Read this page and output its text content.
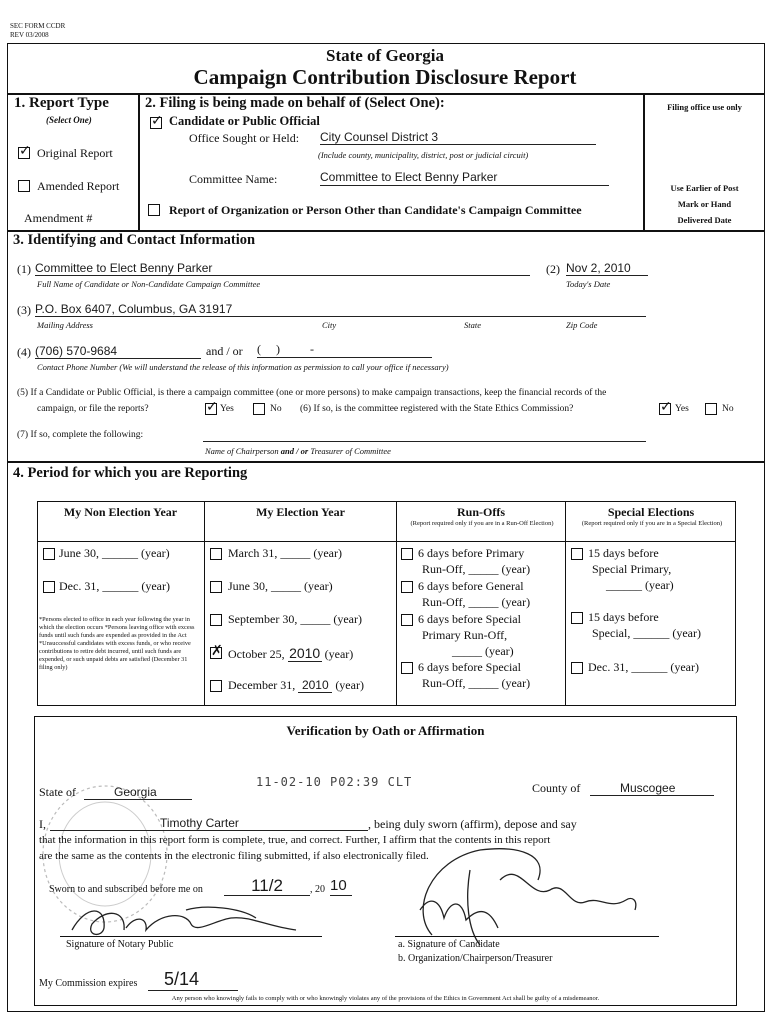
SEC FORM CCDR
REV 03/2008
State of Georgia
Campaign Contribution Disclosure Report
1. Report Type
(Select One)
✓
Original Report
Amended Report
Amendment #
2. Filing is being made on behalf of (Select One):
✓
Candidate or Public Official
Office Sought or Held: City Counsel District 3
(Include county, municipality, district, post or judicial circuit)
Committee Name:	Committee to Elect Benny Parker
Report of Organization or Person Other than Candidate's Campaign Committee
Filing office use only
Use Earlier of Post
Mark or Hand
Delivered Date
3. Identifying and Contact Information
(1) Committee to Elect Benny Parker
Full Name of Candidate or Non-Candidate Campaign Committee
(2) Nov 2, 2010
Today's Date
(3) P.O. Box 6407, Columbus, GA 31917
Mailing Address	City	State	Zip Code
(4) (706) 570-9684	and / or (     )          -
Contact Phone Number (We will understand the release of this information as permission to call your office if necessary)
(5) If a Candidate or Public Official, is there a campaign committee (one or more persons) to make campaign transactions, keep the financial records of the
campaign, or file the reports? ✓	Yes	No (6) If so, is the committee registered with the State Ethics Commission? ✓	Yes	No
(7) If so, complete the following:
Name of Chairperson and / or Treasurer of Committee
4. Period for which you are Reporting
My Non Election Year	My Election Year	Run-Offs
(Report required only if you are in a Run-Off Election)
Special Elections
(Report required only if you are in a Special Election)
June 30, ______ (year)
Dec. 31, ______ (year)
*Persons elected to office in each year following the year in which the election occurs *Persons leaving office with excess funds until such funds are expended as provided in the Act *Unsuccessful candidates with excess funds, or who receive contributions to retire debt incurred, until such funds are expended, or such unpaid debts are satisfied (December 31 filing only)
March 31, _____ (year)
June 30, _____ (year)
September 30, _____ (year)
✗
October 25, 2010 (year)
December 31, 2010 (year)
6 days before Primary
Run-Off, _____ (year)
6 days before General
Run-Off, _____ (year)
6 days before Special
Primary Run-Off,
_____ (year)
6 days before Special
Run-Off, _____ (year)
15 days before
Special Primary,
______ (year)
15 days before
Special, ______ (year)
Dec. 31, ______ (year)
Verification by Oath or Affirmation
11-02-10 P02:39 CLT
State of	Georgia	County of	Muscogee
I,	Timothy Carter	, being duly sworn (affirm), depose and say
that the information in this report form is complete, true, and correct. Further, I affirm that the contents in this report
are the same as the contents in the electronic filing submitted, if also electronically filed.
Sworn to and subscribed before me on	11/2	, 20 10
Signature of Notary Public	a. Signature of Candidate
b. Organization/Chairperson/Treasurer
My Commission expires	5/14
Any person who knowingly fails to comply with or who knowingly violates any of the provisions of the Ethics in Government Act shall be guilty of a misdemeanor.
